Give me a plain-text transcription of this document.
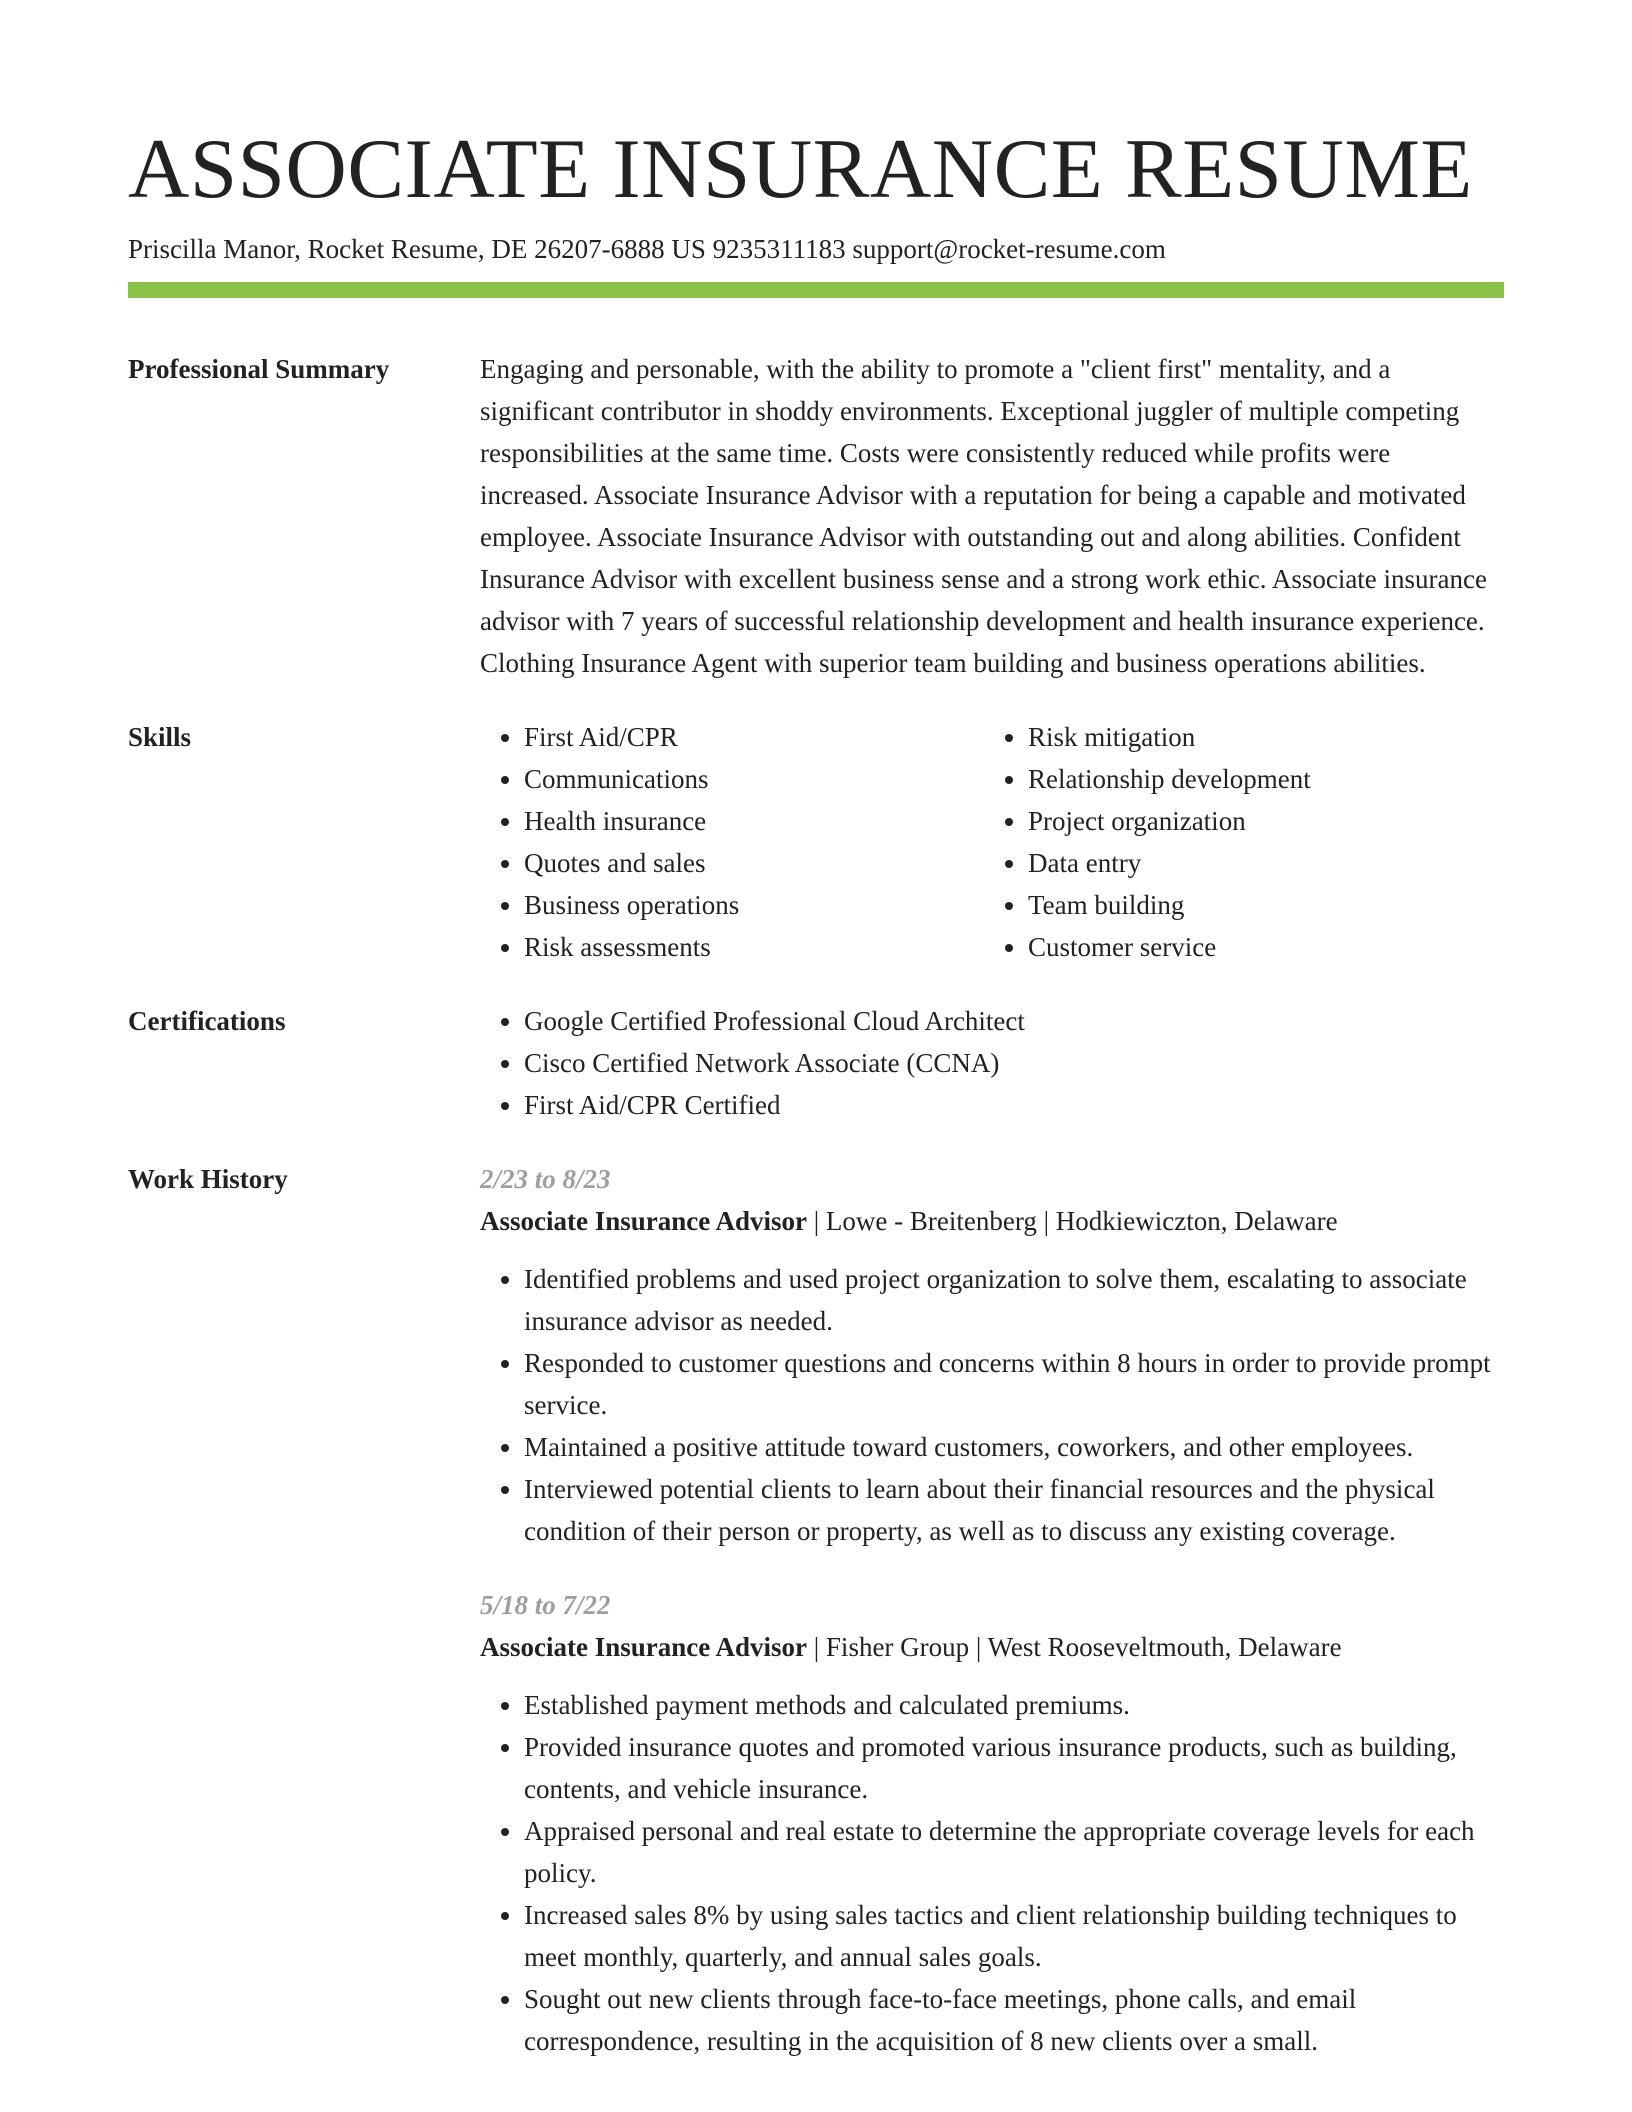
ASSOCIATE INSURANCE RESUME
Priscilla Manor, Rocket Resume, DE 26207-6888 US 9235311183 support@rocket-resume.com
Professional Summary	Engaging and personable, with the ability to promote a "client first" mentality, and a significant contributor in shoddy environments. Exceptional juggler of multiple competing responsibilities at the same time. Costs were consistently reduced while profits were increased. Associate Insurance Advisor with a reputation for being a capable and motivated employee. Associate Insurance Advisor with outstanding out and along abilities. Confident Insurance Advisor with excellent business sense and a strong work ethic. Associate insurance advisor with 7 years of successful relationship development and health insurance experience. Clothing Insurance Agent with superior team building and business operations abilities.
Skills	• First Aid/CPR
• Communications
• Health insurance
• Quotes and sales
• Business operations
• Risk assessments
• Risk mitigation
• Relationship development
• Project organization
• Data entry
• Team building
• Customer service
Certifications	• Google Certified Professional Cloud Architect
• Cisco Certified Network Associate (CCNA)
• First Aid/CPR Certified
Work History	2/23 to 8/23
Associate Insurance Advisor | Lowe - Breitenberg | Hodkiewiczton, Delaware
• Identified problems and used project organization to solve them, escalating to associate insurance advisor as needed.
• Responded to customer questions and concerns within 8 hours in order to provide prompt service.
• Maintained a positive attitude toward customers, coworkers, and other employees.
• Interviewed potential clients to learn about their financial resources and the physical condition of their person or property, as well as to discuss any existing coverage.
5/18 to 7/22
Associate Insurance Advisor | Fisher Group | West Rooseveltmouth, Delaware
• Established payment methods and calculated premiums.
• Provided insurance quotes and promoted various insurance products, such as building, contents, and vehicle insurance.
• Appraised personal and real estate to determine the appropriate coverage levels for each policy.
• Increased sales 8% by using sales tactics and client relationship building techniques to meet monthly, quarterly, and annual sales goals.
• Sought out new clients through face-to-face meetings, phone calls, and email correspondence, resulting in the acquisition of 8 new clients over a small.
